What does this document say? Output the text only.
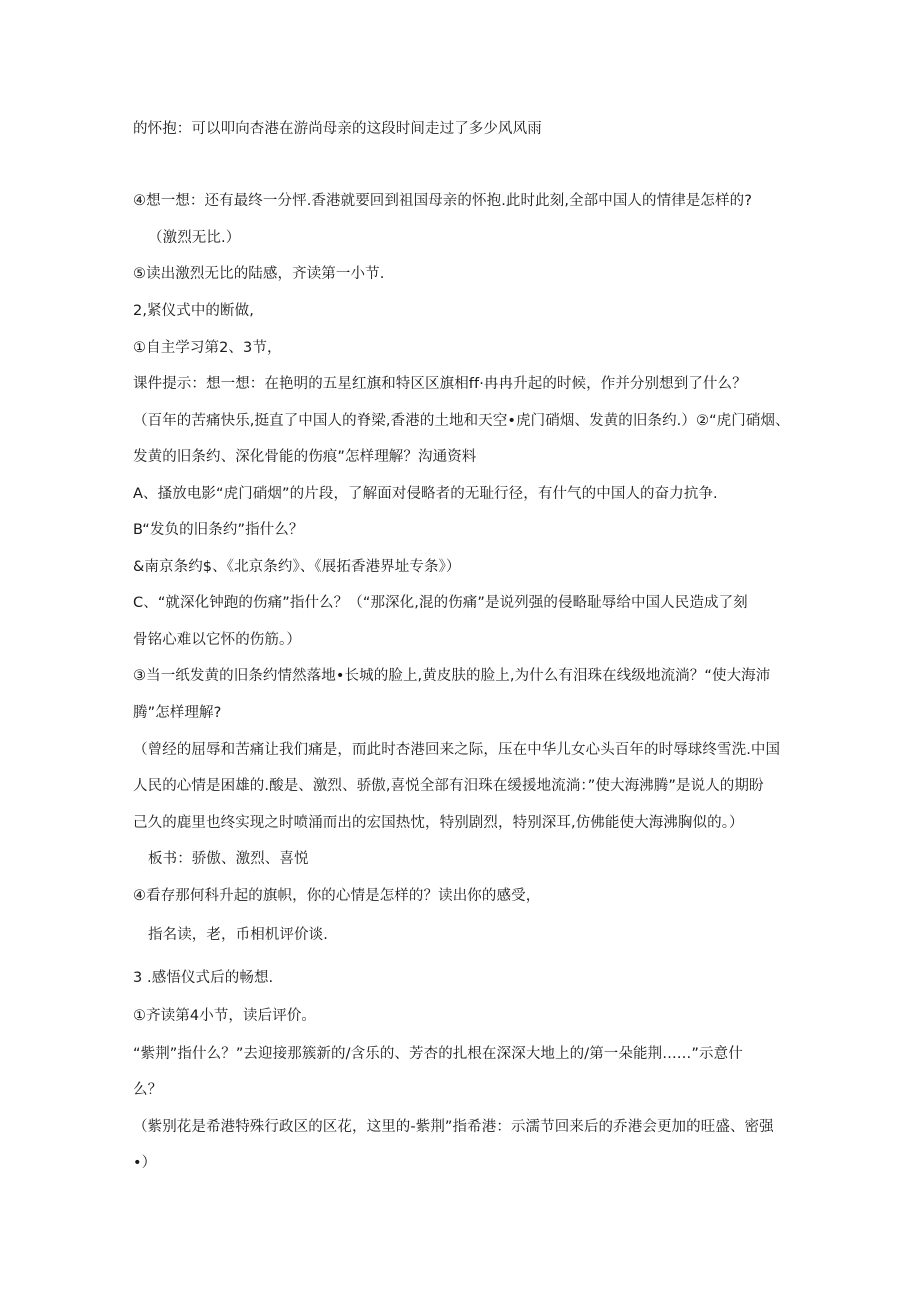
的怀抱：可以叩向杏港在游尚母亲的这段时间走过了多少风风雨
④想一想：还有最终一分怦.香港就要回到祖国母亲的怀抱.此时此刻,全部中国人的情律是怎样的?
（激烈无比.）
⑤读出激烈无比的陆感，齐读第一小节.
2,紧仪式中的断做,
①自主学习第2、3节，
课件提示：想一想：在艳明的五星红旗和特区区旗相ff·冉冉升起的时候，作并分别想到了什么？
（百年的苦痛快乐,挺直了中国人的脊梁,香港的土地和天空•虎门硝烟、发黄的旧条约.）②“虎门硝烟、
发黄的旧条约、深化骨能的伤痕”怎样理解？沟通资料
A、搔放电影“虎门硝烟”的片段，了解面对侵略者的无耻行径，有什气的中国人的奋力抗争.
B“发负的旧条约”指什么？
&南京条约$、《北京条约》、《展拓香港界址专条》）
C、“就深化钟跑的伤痛”指什么？（“那深化,混的伤痛”是说列强的侵略耻辱给中国人民造成了刻
骨铭心难以它怀的伤筋。）
③当一纸发黄的旧条约情然落地•长城的脸上,黄皮肤的脸上,为什么有泪珠在线级地流淌？“使大海沛
腾”怎样理解?
（曾经的屈辱和苦痛让我们痛是，而此时杏港回来之际，压在中华儿女心头百年的时辱球终雪洗.中国
人民的心情是困雄的.酸是、激烈、骄傲,喜悦全部有汨珠在缓援地流淌：”使大海沸腾”是说人的期盼
己久的鹿里也终实现之时喷涌而出的宏国热忱，特别剧烈，特别深耳,仿佛能使大海沸胸似的。）
板书：骄傲、激烈、喜悦
④看存那何科升起的旗帜，你的心情是怎样的？读出你的感受，
指名读，老，币相机评价谈.
3 .感悟仪式后的畅想.
①齐读第4小节，读后评价。
“紫荆”指什么？”去迎接那簇新的/含乐的、芳杏的扎根在深深大地上的/第一朵能荆……”示意什
么？
（紫别花是希港特殊行政区的区花，这里的-紫荆”指希港：示濡节回来后的乔港会更加的旺盛、密强
•）
